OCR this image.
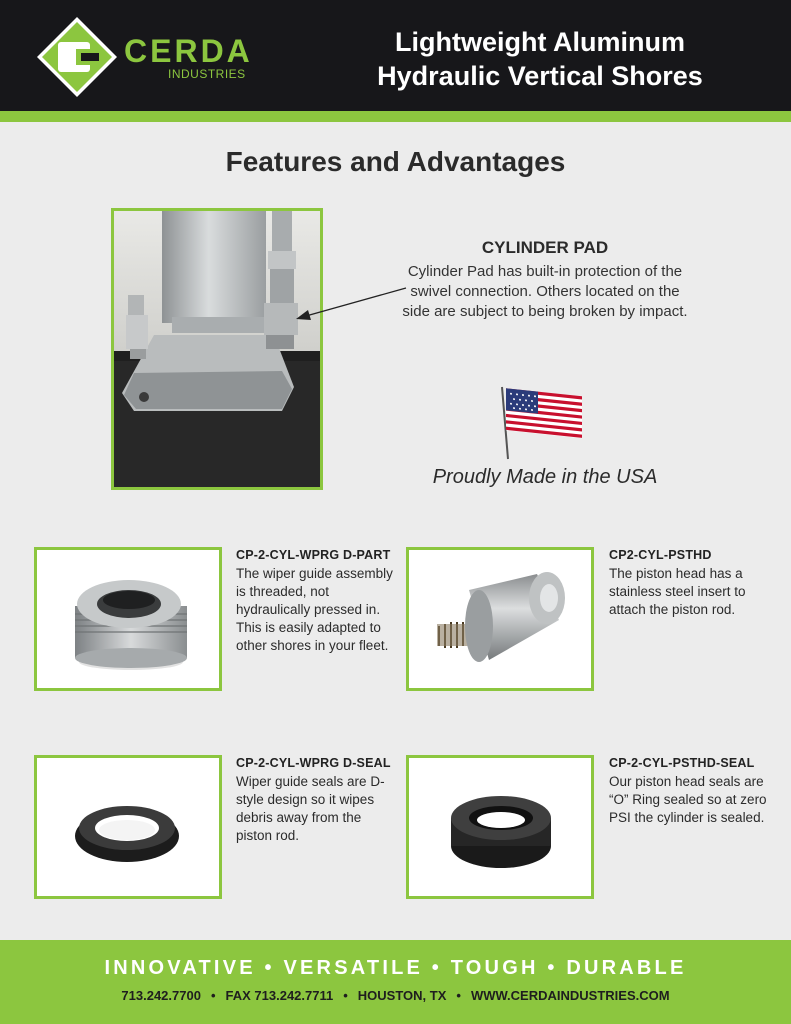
CERDA
INDUSTRIES
Lightweight Aluminum
Hydraulic Vertical Shores
Features and Advantages
CYLINDER PAD
Cylinder Pad has built-in protection of the swivel connection. Others located on the side are subject to being broken by impact.
Proudly Made in the USA
CP-2-CYL-WPRG D-PART
The wiper guide assembly is threaded, not hydraulically pressed in. This is easily adapted to other shores in your fleet.
CP2-CYL-PSTHD
The piston head has a stainless steel insert to attach the piston rod.
CP-2-CYL-WPRG D-SEAL
Wiper guide seals are D-style design so it wipes debris away from the piston rod.
CP-2-CYL-PSTHD-SEAL
Our piston head seals are “O” Ring sealed so at zero PSI the cylinder is sealed.
INNOVATIVE • VERSATILE • TOUGH • DURABLE
713.242.7700 • FAX 713.242.7711 • HOUSTON, TX • WWW.CERDAINDUSTRIES.COM
